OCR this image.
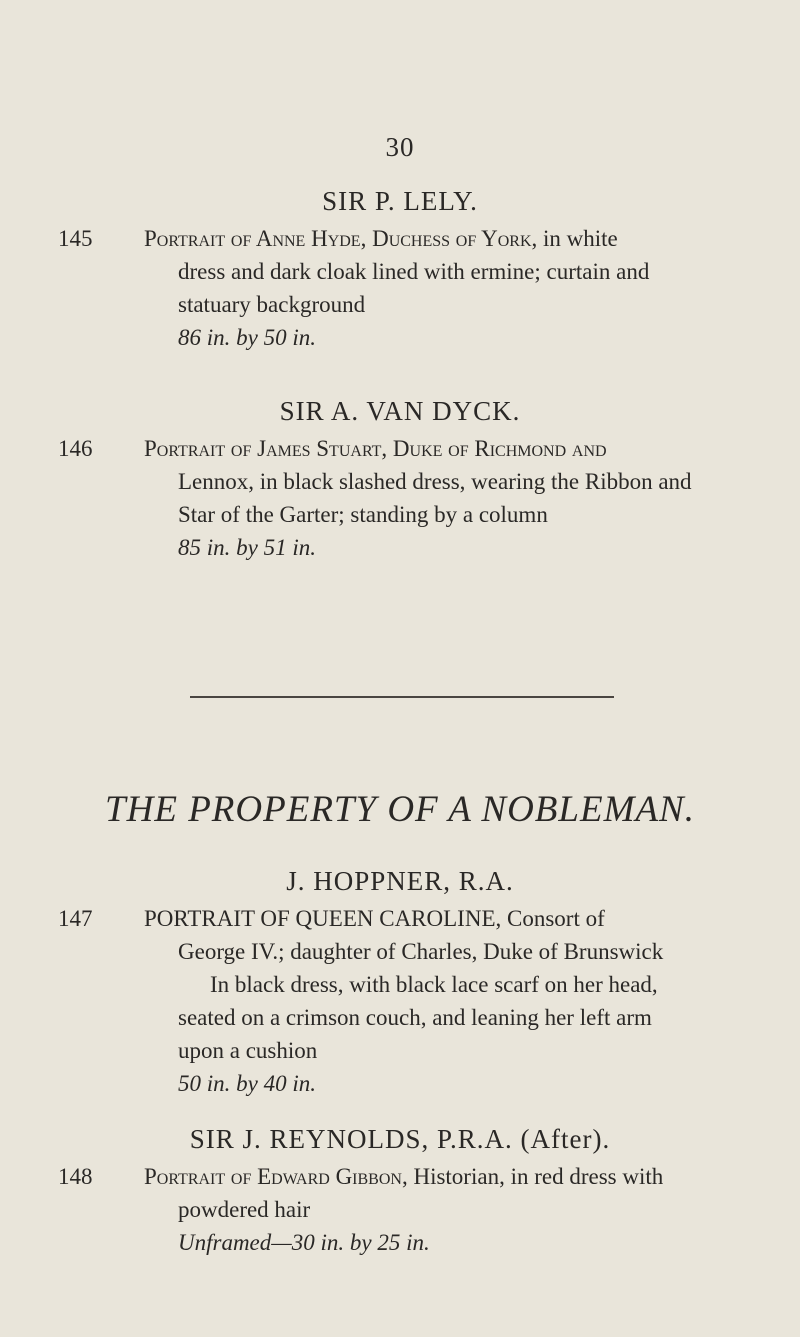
30
SIR P. LELY.
145	Portrait of Anne Hyde, Duchess of York, in white
dress and dark cloak lined with ermine; curtain and
statuary background
86 in. by 50 in.
SIR A. VAN DYCK.
146	Portrait of James Stuart, Duke of Richmond and
Lennox, in black slashed dress, wearing the Ribbon and
Star of the Garter; standing by a column
85 in. by 51 in.
THE PROPERTY OF A NOBLEMAN.
J. HOPPNER, R.A.
147	PORTRAIT OF QUEEN CAROLINE, Consort of
George IV.; daughter of Charles, Duke of Brunswick
In black dress, with black lace scarf on her head,
seated on a crimson couch, and leaning her left arm
upon a cushion
50 in. by 40 in.
SIR J. REYNOLDS, P.R.A. (After).
148	Portrait of Edward Gibbon, Historian, in red dress with
powdered hair
Unframed—30 in. by 25 in.
